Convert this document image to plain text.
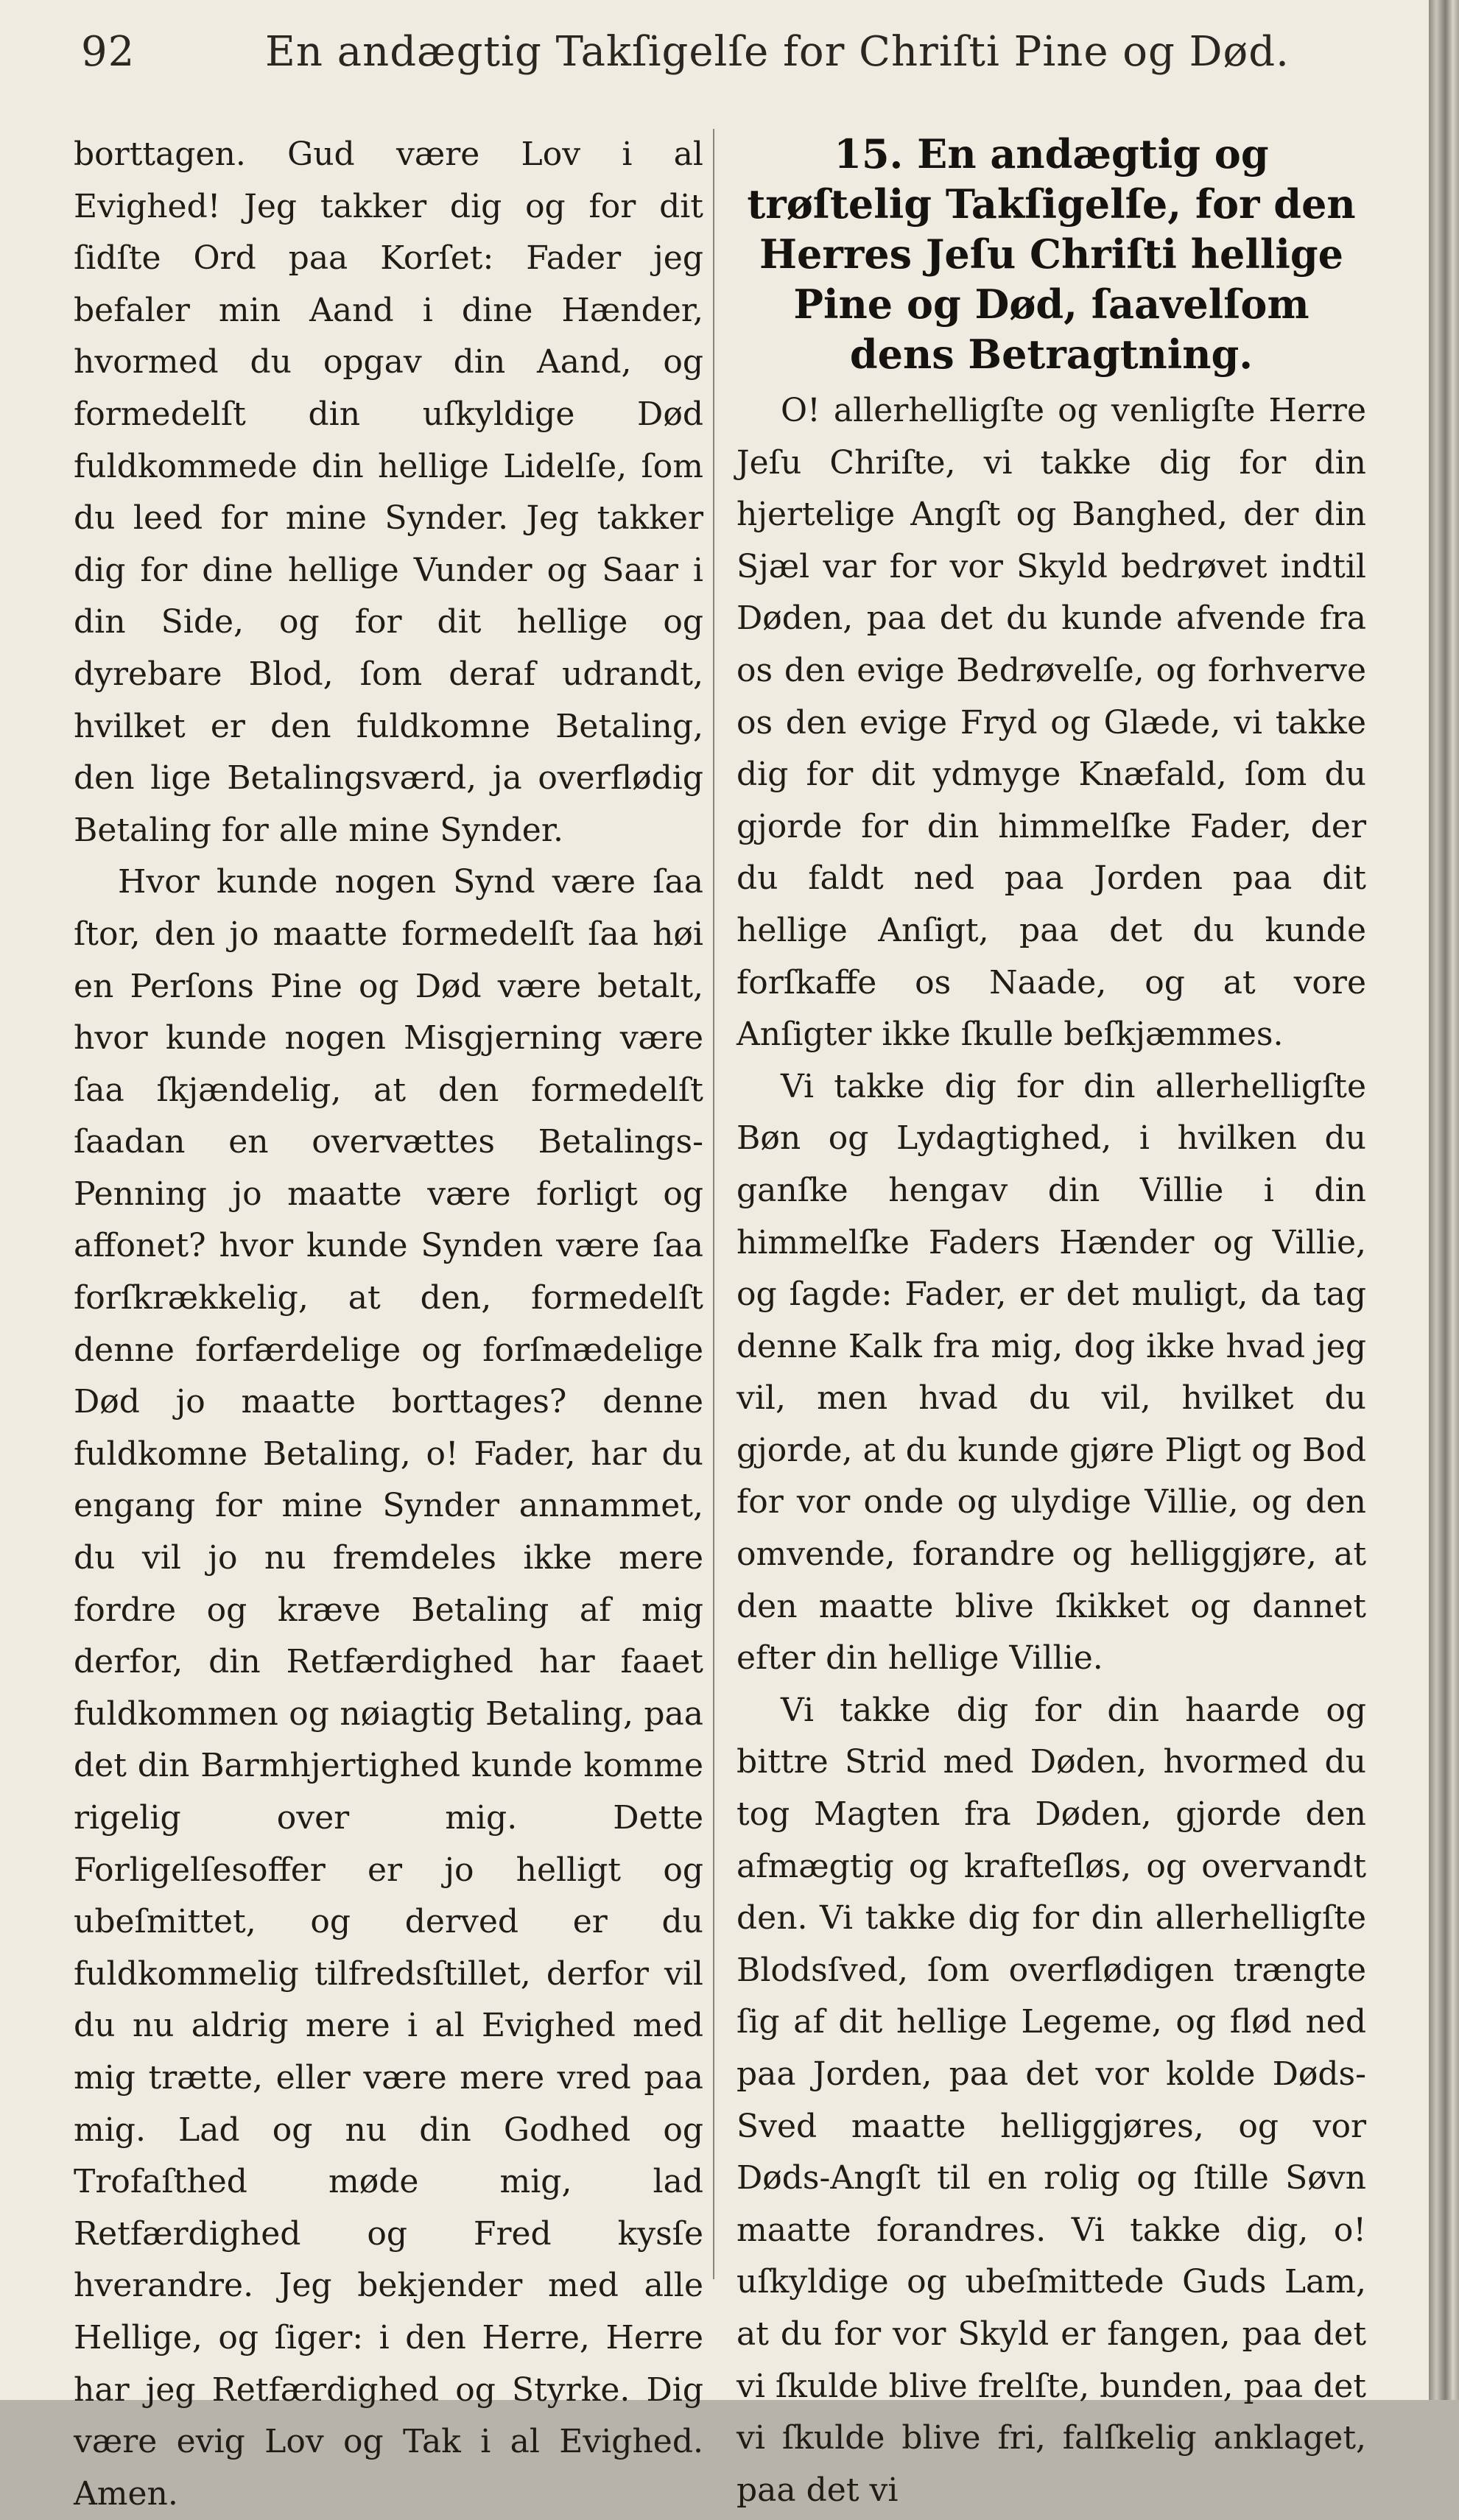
92	En andægtig Takſigelſe for Chriſti Pine og Død.

borttagen. Gud være Lov i al Evighed! Jeg takker dig og for dit ſidſte Ord paa Korſet: Fader jeg befaler min Aand i dine Hænder, hvormed du opgav din Aand, og formedelſt din uſkyldige Død fuldkommede din hellige Lidelſe, ſom du leed for mine Synder. Jeg takker dig for dine hellige Vunder og Saar i din Side, og for dit hellige og dyrebare Blod, ſom deraf udrandt, hvilket er den fuldkomne Betaling, den lige Betalingsværd, ja overflødig Betaling for alle mine Synder.

Hvor kunde nogen Synd være ſaa ſtor, den jo maatte formedelſt ſaa høi en Perſons Pine og Død være betalt, hvor kunde nogen Misgjerning være ſaa ſkjændelig, at den formedelſt ſaadan en overvættes Betalings-Penning jo maatte være forligt og affonet? hvor kunde Synden være ſaa forſkrækkelig, at den, formedelſt denne forfærdelige og forſmædelige Død jo maatte borttages? denne fuldkomne Betaling, o! Fader, har du engang for mine Synder annammet, du vil jo nu fremdeles ikke mere fordre og kræve Betaling af mig derfor, din Retfærdighed har faaet fuldkommen og nøiagtig Betaling, paa det din Barmhjertighed kunde komme rigelig over mig. Dette Forligelſesoffer er jo helligt og ubeſmittet, og derved er du fuldkommelig tilfredsſtillet, derfor vil du nu aldrig mere i al Evighed med mig trætte, eller være mere vred paa mig. Lad og nu din Godhed og Trofaſthed møde mig, lad Retfærdighed og Fred kysſe hverandre. Jeg bekjender med alle Hellige, og ſiger: i den Herre, Herre har jeg Retfærdighed og Styrke. Dig være evig Lov og Tak i al Evighed. Amen.

15. En andægtig og trøſtelig Takſigelſe, for den Herres Jeſu Chriſti hellige Pine og Død, ſaavelſom dens Betragtning.

O! allerhelligſte og venligſte Herre Jeſu Chriſte, vi takke dig for din hjertelige Angſt og Banghed, der din Sjæl var for vor Skyld bedrøvet indtil Døden, paa det du kunde afvende fra os den evige Bedrøvelſe, og forhverve os den evige Fryd og Glæde, vi takke dig for dit ydmyge Knæfald, ſom du gjorde for din himmelſke Fader, der du faldt ned paa Jorden paa dit hellige Anſigt, paa det du kunde forſkaffe os Naade, og at vore Anſigter ikke ſkulle beſkjæmmes.

Vi takke dig for din allerhelligſte Bøn og Lydagtighed, i hvilken du ganſke hengav din Villie i din himmelſke Faders Hænder og Villie, og ſagde: Fader, er det muligt, da tag denne Kalk fra mig, dog ikke hvad jeg vil, men hvad du vil, hvilket du gjorde, at du kunde gjøre Pligt og Bod for vor onde og ulydige Villie, og den omvende, forandre og helliggjøre, at den maatte blive ſkikket og dannet efter din hellige Villie.

Vi takke dig for din haarde og bittre Strid med Døden, hvormed du tog Magten fra Døden, gjorde den afmægtig og krafteſløs, og overvandt den. Vi takke dig for din allerhelligſte Blodsſved, ſom overflødigen trængte ſig af dit hellige Legeme, og flød ned paa Jorden, paa det vor kolde Døds-Sved maatte helliggjøres, og vor Døds-Angſt til en rolig og ſtille Søvn maatte forandres. Vi takke dig, o! uſkyldige og ubeſmittede Guds Lam, at du for vor Skyld er fangen, paa det vi ſkulde blive frelſte, bunden, paa det vi ſkulde blive fri, falſkelig anklaget, paa det vi
